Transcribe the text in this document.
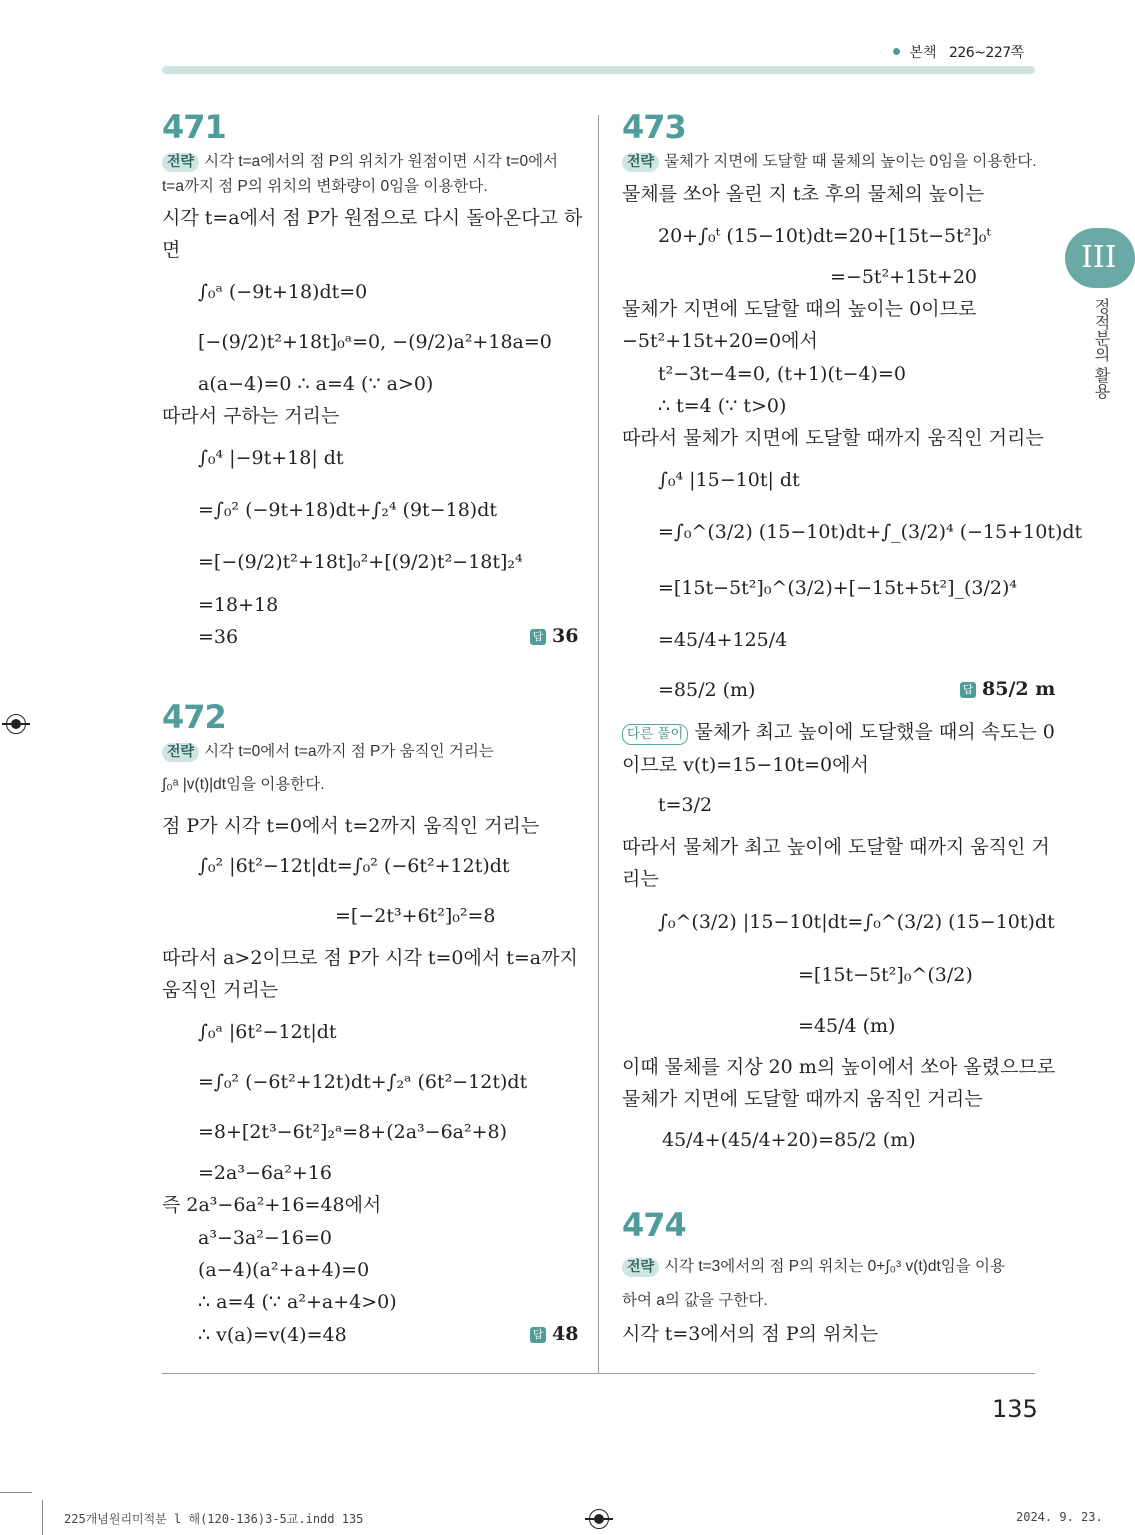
본책 226~227쪽
III
정적분의 활용
471
전략 시각 t=a에서의 점 P의 위치가 원점이면 시각 t=0에서
t=a까지 점 P의 위치의 변화량이 0임을 이용한다.
시각 t=a에서 점 P가 원점으로 다시 돌아온다고 하
면
∫₀ᵃ (−9t+18)dt=0
[−(9/2)t²+18t]₀ᵃ=0, −(9/2)a²+18a=0
a(a−4)=0 ∴ a=4 (∵ a>0)
따라서 구하는 거리는
∫₀⁴ |−9t+18| dt
=∫₀² (−9t+18)dt+∫₂⁴ (9t−18)dt
=[−(9/2)t²+18t]₀²+[(9/2)t²−18t]₂⁴
=18+18
=36	답 36
472
전략 시각 t=0에서 t=a까지 점 P가 움직인 거리는
∫₀ᵃ |v(t)|dt임을 이용한다.
점 P가 시각 t=0에서 t=2까지 움직인 거리는
∫₀² |6t²−12t|dt=∫₀² (−6t²+12t)dt
=[−2t³+6t²]₀²=8
따라서 a>2이므로 점 P가 시각 t=0에서 t=a까지
움직인 거리는
∫₀ᵃ |6t²−12t|dt
=∫₀² (−6t²+12t)dt+∫₂ᵃ (6t²−12t)dt
=8+[2t³−6t²]₂ᵃ=8+(2a³−6a²+8)
=2a³−6a²+16
즉 2a³−6a²+16=48에서
a³−3a²−16=0
(a−4)(a²+a+4)=0
∴ a=4 (∵ a²+a+4>0)
∴ v(a)=v(4)=48	답 48
473
전략 물체가 지면에 도달할 때 물체의 높이는 0임을 이용한다.
물체를 쏘아 올린 지 t초 후의 물체의 높이는
20+∫₀ᵗ (15−10t)dt=20+[15t−5t²]₀ᵗ
=−5t²+15t+20
물체가 지면에 도달할 때의 높이는 0이므로
−5t²+15t+20=0에서
t²−3t−4=0, (t+1)(t−4)=0
∴ t=4 (∵ t>0)
따라서 물체가 지면에 도달할 때까지 움직인 거리는
∫₀⁴ |15−10t| dt
=∫₀^(3/2) (15−10t)dt+∫_(3/2)⁴ (−15+10t)dt
=[15t−5t²]₀^(3/2)+[−15t+5t²]_(3/2)⁴
=45/4+125/4
=85/2 (m)	답 85/2 m
다른 풀이 물체가 최고 높이에 도달했을 때의 속도는 0
이므로 v(t)=15−10t=0에서
t=3/2
따라서 물체가 최고 높이에 도달할 때까지 움직인 거
리는
∫₀^(3/2) |15−10t|dt=∫₀^(3/2) (15−10t)dt
=[15t−5t²]₀^(3/2)
=45/4 (m)
이때 물체를 지상 20 m의 높이에서 쏘아 올렸으므로
물체가 지면에 도달할 때까지 움직인 거리는
45/4+(45/4+20)=85/2 (m)
474
전략 시각 t=3에서의 점 P의 위치는 0+∫₀³ v(t)dt임을 이용
하여 a의 값을 구한다.
시각 t=3에서의 점 P의 위치는
135
225개념원리미적분 l 해(120-136)3-5교.indd 135	2024. 9. 23.
